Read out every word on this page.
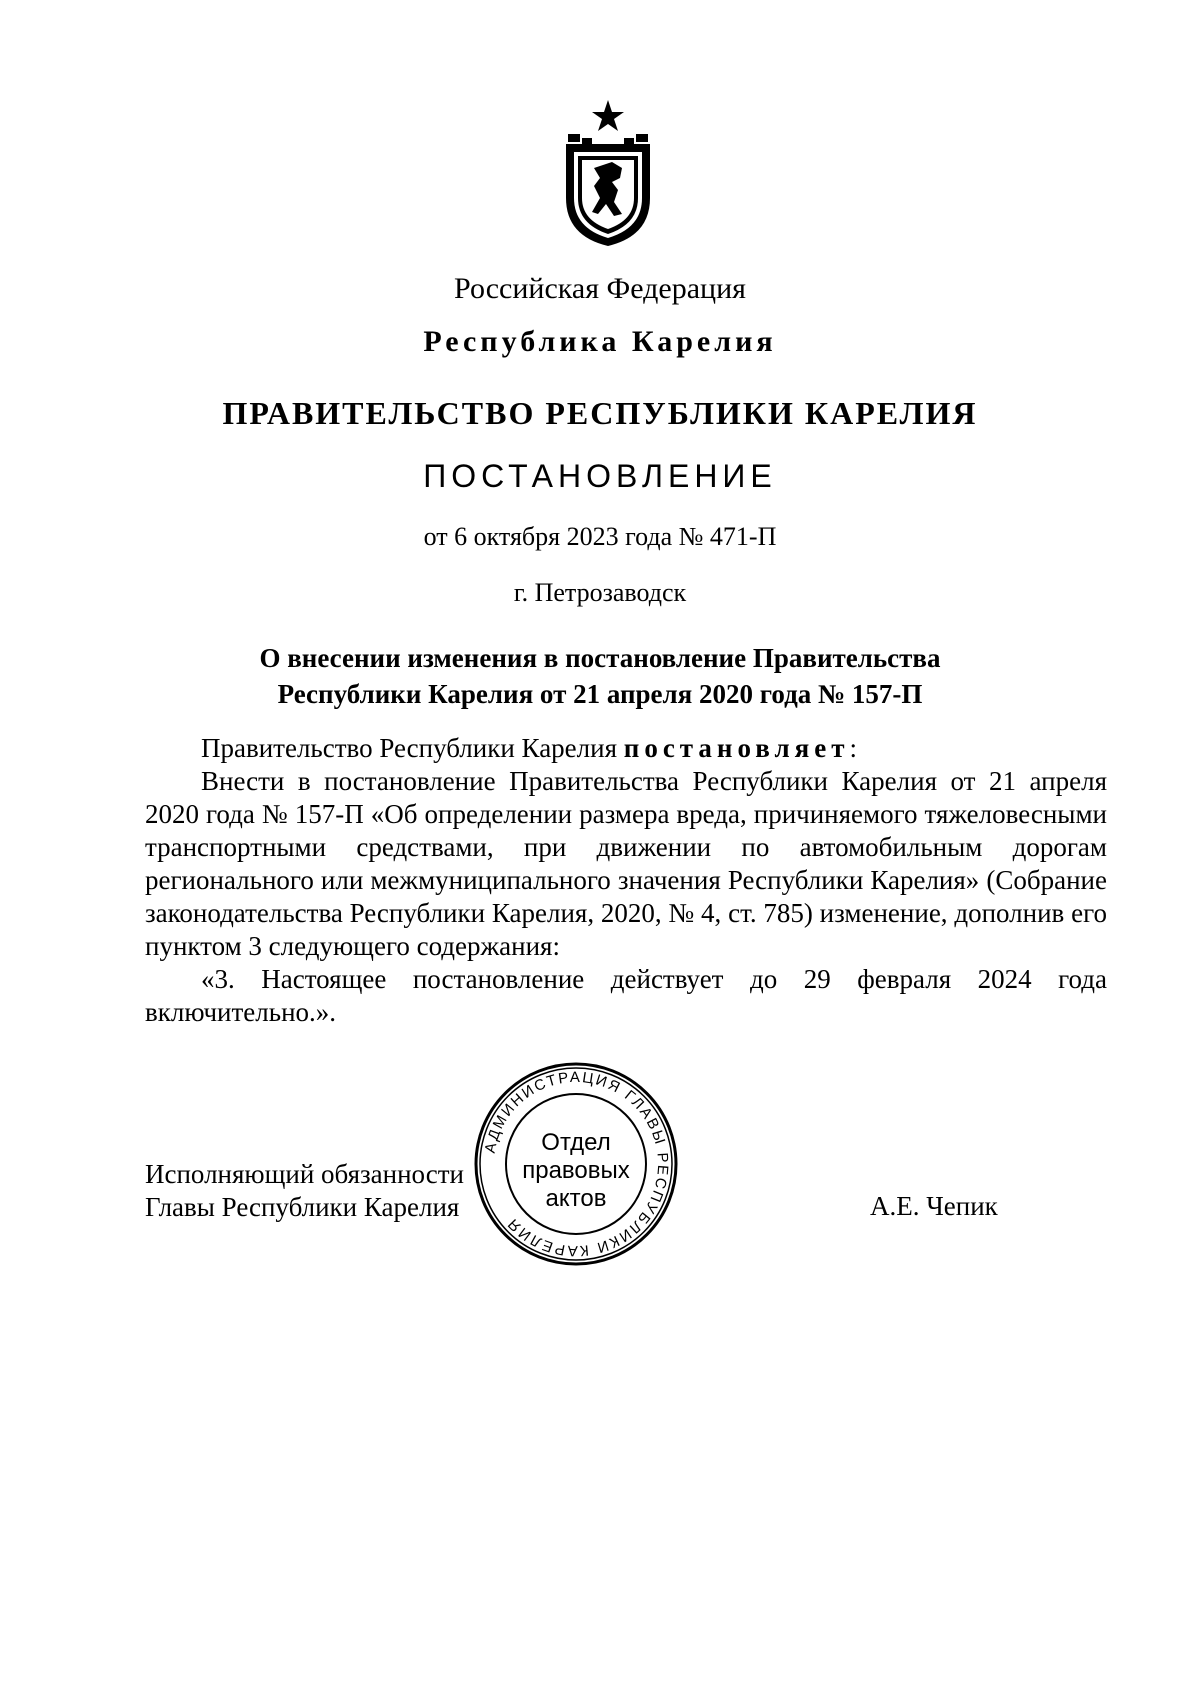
Российская Федерация
Республика Карелия
ПРАВИТЕЛЬСТВО РЕСПУБЛИКИ КАРЕЛИЯ
ПОСТАНОВЛЕНИЕ
от 6 октября 2023 года № 471-П
г. Петрозаводск
О внесении изменения в постановление Правительства
Республики Карелия от 21 апреля 2020 года № 157-П

Правительство Республики Карелия постановляет:

Внести в постановление Правительства Республики Карелия от 21 апреля 2020 года № 157-П «Об определении размера вреда, причиняемого тяжеловесными транспортными средствами, при движении по автомобильным дорогам регионального или межмуниципального значения Республики Карелия» (Собрание законодательства Республики Карелия, 2020, № 4, ст. 785) изменение, дополнив его пунктом 3 следующего содержания:

«3. Настоящее постановление действует до 29 февраля 2024 года включительно.».

Исполняющий обязанности
Главы Республики Карелия	А.Е. Чепик
АДМИНИСТРАЦИЯ ГЛАВЫ РЕСПУБЛИКИ КАРЕЛИЯ
Отдел
правовых
актов
